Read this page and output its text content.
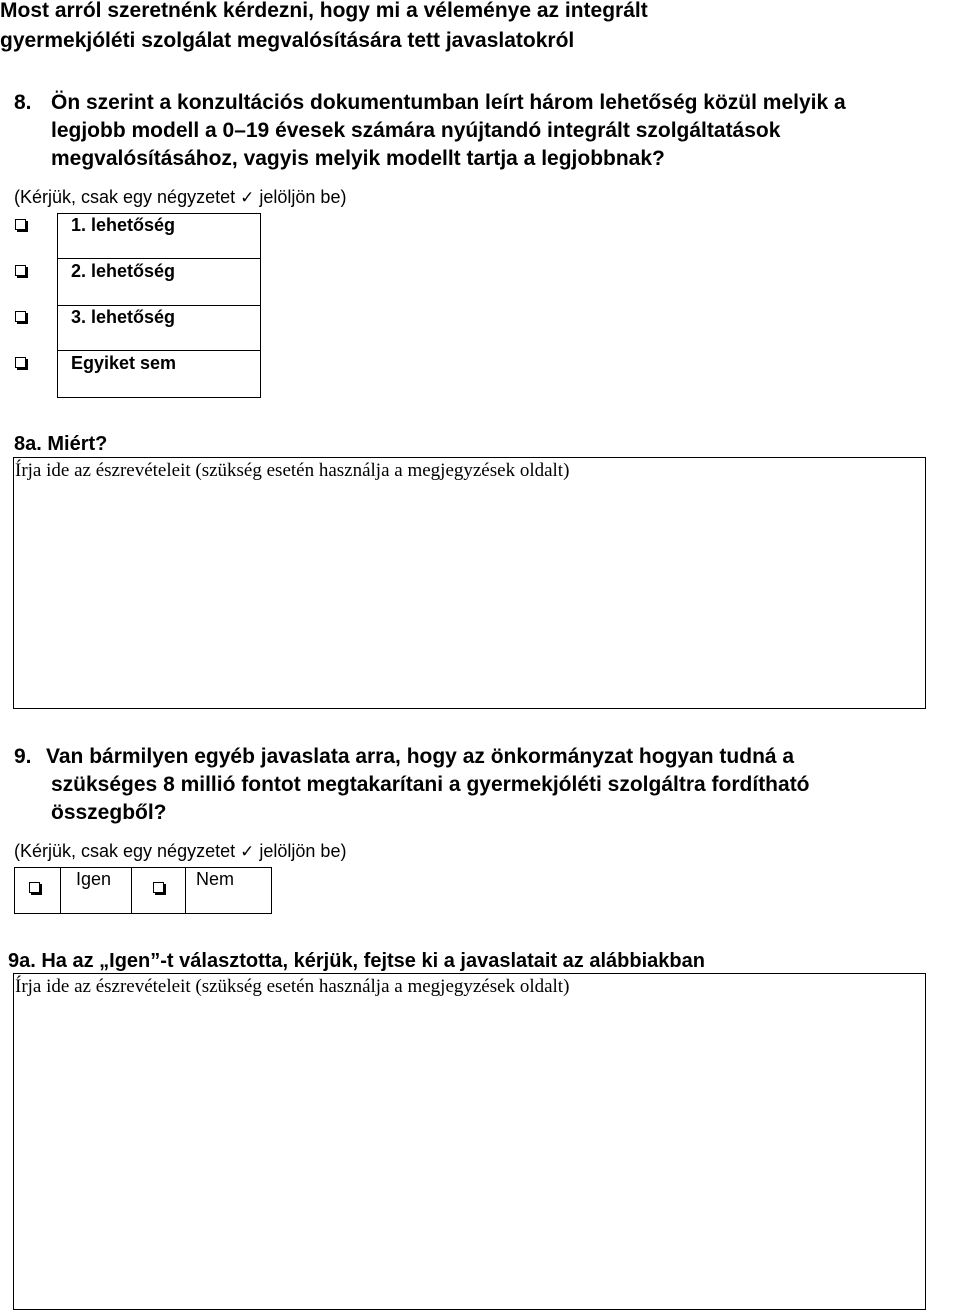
Most arról szeretnénk kérdezni, hogy mi a véleménye az integrált
gyermekjóléti szolgálat megvalósítására tett javaslatokról
8. Ön szerint a konzultációs dokumentumban leírt három lehetőség közül melyik a
legjobb modell a 0–19 évesek számára nyújtandó integrált szolgáltatások
megvalósításához, vagyis melyik modellt tartja a legjobbnak?
(Kérjük, csak egy négyzetet ✓ jelöljön be)
1. lehetőség
2. lehetőség
3. lehetőség
Egyiket sem
8a. Miért?
Írja ide az észrevételeit (szükség esetén használja a megjegyzések oldalt)
9. Van bármilyen egyéb javaslata arra, hogy az önkormányzat hogyan tudná a
szükséges 8 millió fontot megtakarítani a gyermekjóléti szolgáltra fordítható
összegből?
(Kérjük, csak egy négyzetet ✓ jelöljön be)
Igen	Nem
9a. Ha az „Igen”-t választotta, kérjük, fejtse ki a javaslatait az alábbiakban
Írja ide az észrevételeit (szükség esetén használja a megjegyzések oldalt)
